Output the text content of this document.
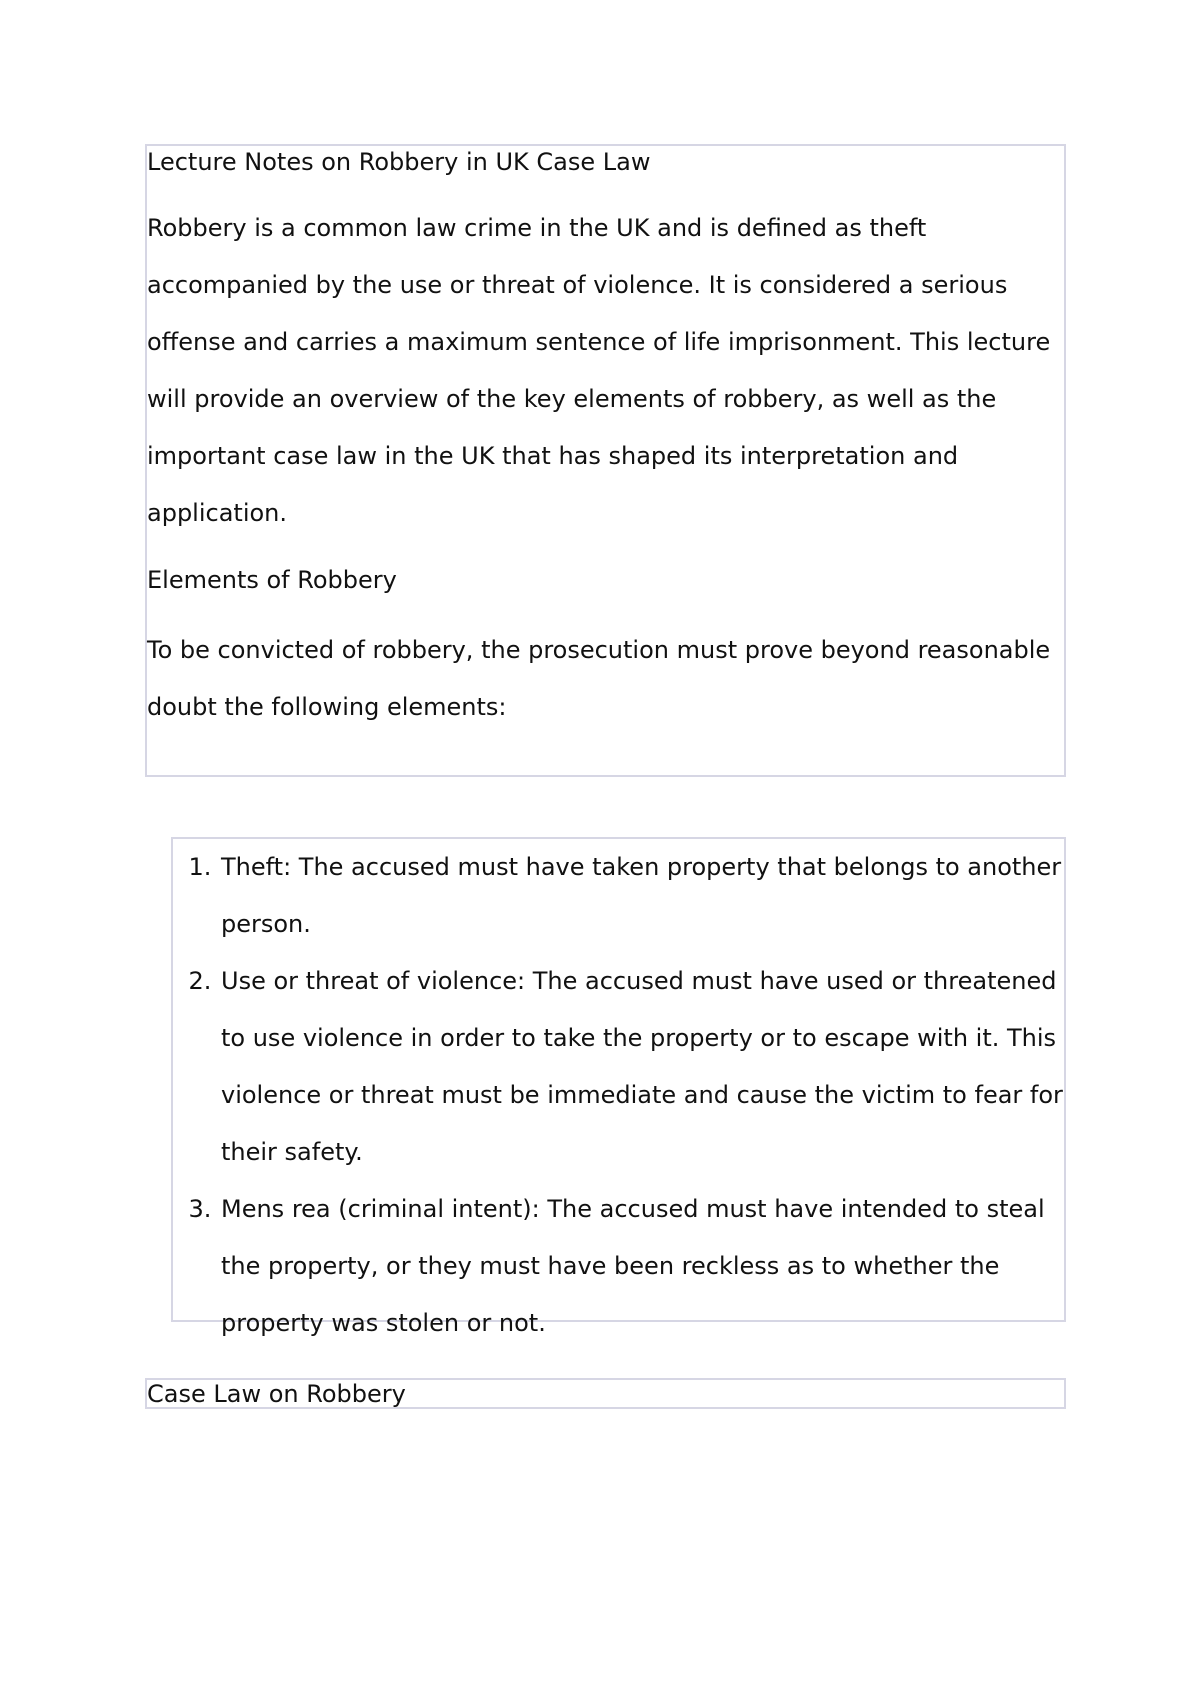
Lecture Notes on Robbery in UK Case Law

Robbery is a common law crime in the UK and is defined as theft accompanied by the use or threat of violence. It is considered a serious offense and carries a maximum sentence of life imprisonment. This lecture will provide an overview of the key elements of robbery, as well as the important case law in the UK that has shaped its interpretation and application.

Elements of Robbery

To be convicted of robbery, the prosecution must prove beyond reasonable doubt the following elements:

1. Theft: The accused must have taken property that belongs to another person.
2. Use or threat of violence: The accused must have used or threatened to use violence in order to take the property or to escape with it. This violence or threat must be immediate and cause the victim to fear for their safety.
3. Mens rea (criminal intent): The accused must have intended to steal the property, or they must have been reckless as to whether the property was stolen or not.

Case Law on Robbery
